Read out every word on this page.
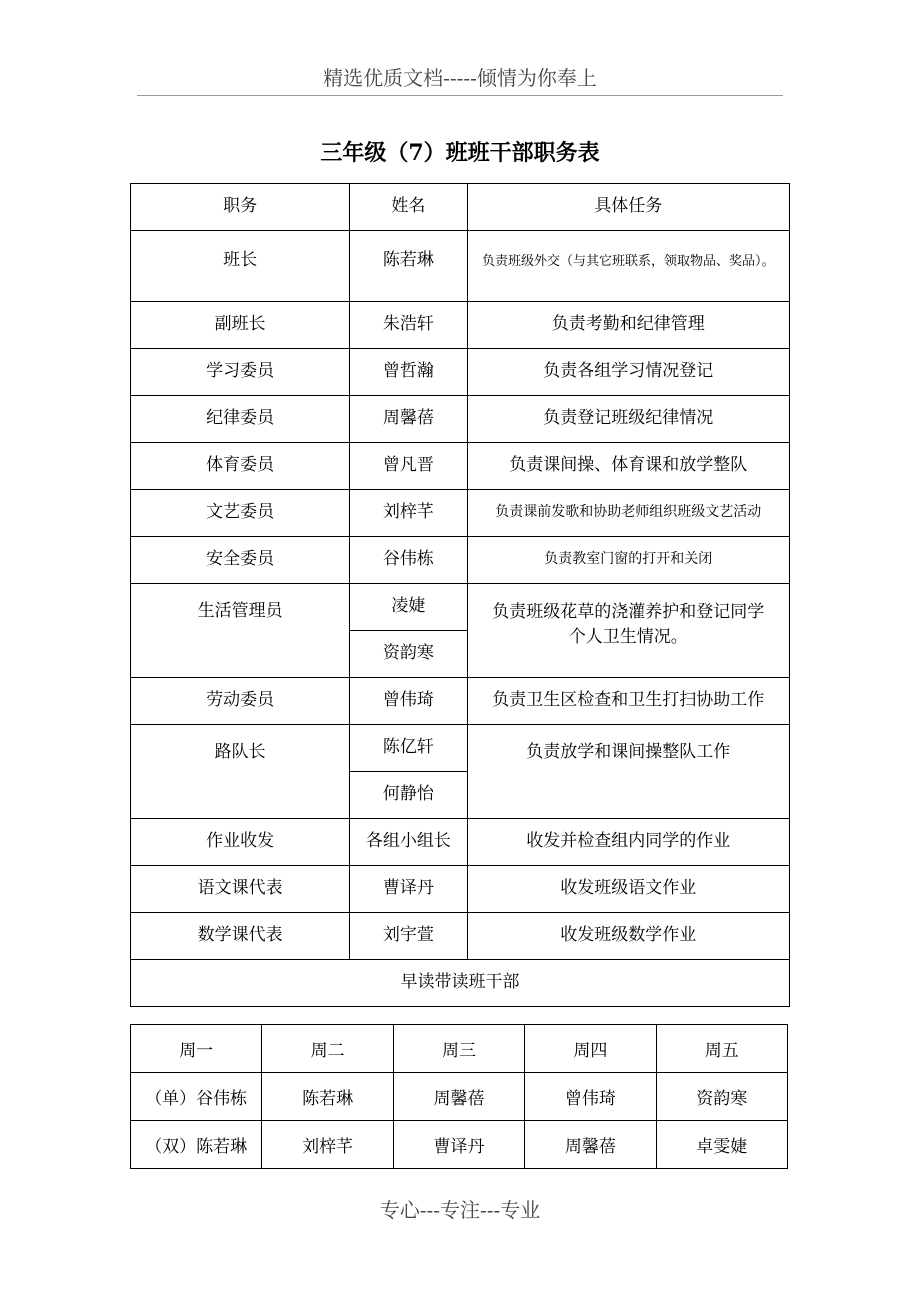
精选优质文档-----倾情为你奉上
三年级（7）班班干部职务表
职务	姓名	具体任务
班长	陈若琳	负责班级外交（与其它班联系，领取物品、奖品）。
副班长	朱浩轩	负责考勤和纪律管理
学习委员	曾哲瀚	负责各组学习情况登记
纪律委员	周馨蓓	负责登记班级纪律情况
体育委员	曾凡晋	负责课间操、体育课和放学整队
文艺委员	刘梓芊	负责课前发歌和协助老师组织班级文艺活动
安全委员	谷伟栋	负责教室门窗的打开和关闭
生活管理员	凌婕	负责班级花草的浇灌养护和登记同学个人卫生情况。
	资韵寒	
劳动委员	曾伟琦	负责卫生区检查和卫生打扫协助工作
路队长	陈亿轩	负责放学和课间操整队工作
	何静怡	
作业收发	各组小组长	收发并检查组内同学的作业
语文课代表	曹译丹	收发班级语文作业
数学课代表	刘宇萱	收发班级数学作业
早读带读班干部		
周一	周二	周三	周四	周五
（单）谷伟栋	陈若琳	周馨蓓	曾伟琦	资韵寒
（双）陈若琳	刘梓芊	曹译丹	周馨蓓	卓雯婕
专心---专注---专业
